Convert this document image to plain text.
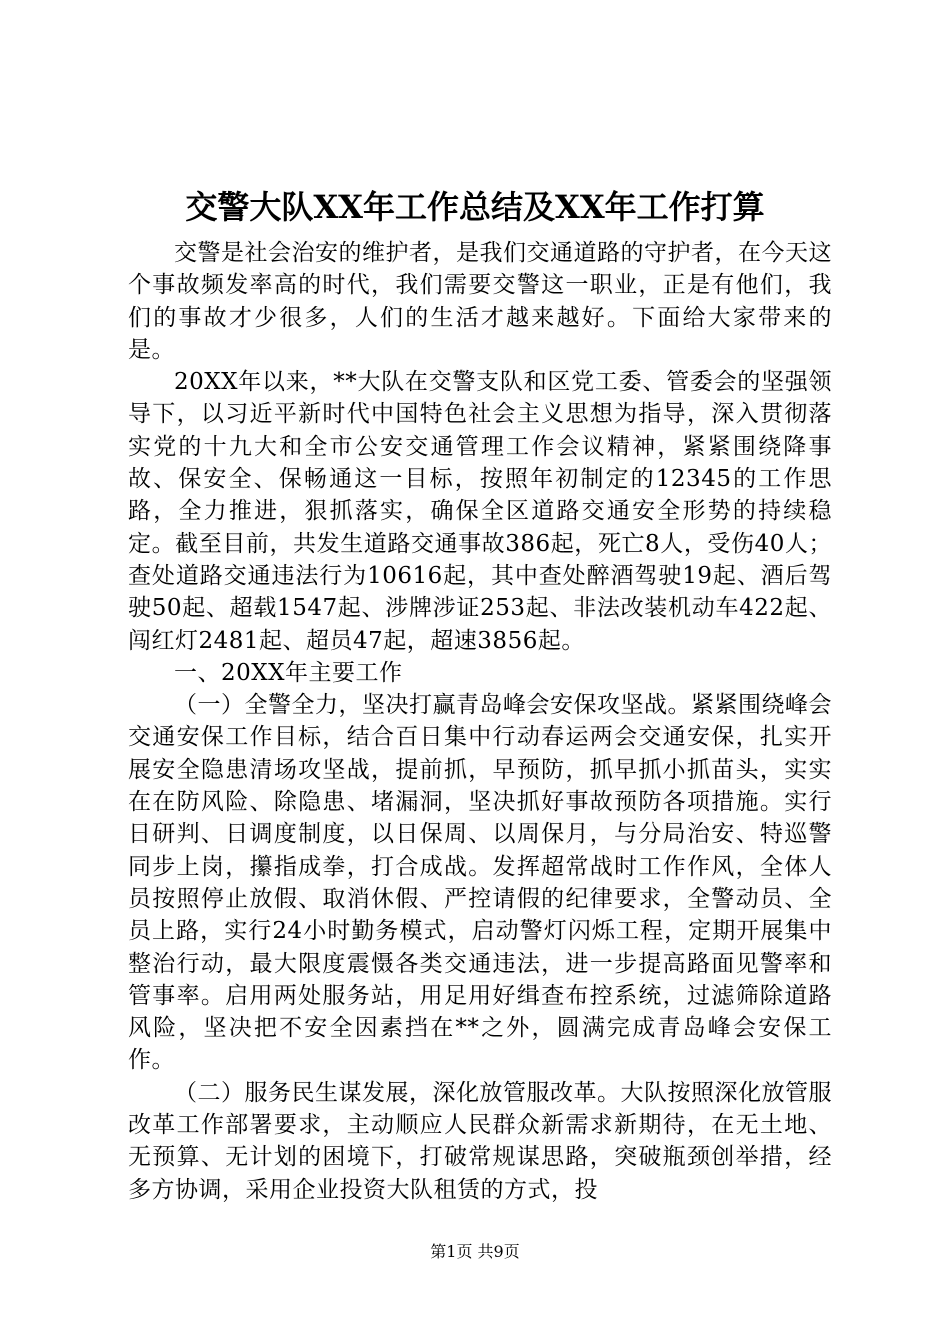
交警大队XX年工作总结及XX年工作打算

交警是社会治安的维护者，是我们交通道路的守护者，在今天这个事故频发率高的时代，我们需要交警这一职业，正是有他们，我们的事故才少很多，人们的生活才越来越好。下面给大家带来的是。

20XX年以来，**大队在交警支队和区党工委、管委会的坚强领导下，以习近平新时代中国特色社会主义思想为指导，深入贯彻落实党的十九大和全市公安交通管理工作会议精神，紧紧围绕降事故、保安全、保畅通这一目标，按照年初制定的12345的工作思路，全力推进，狠抓落实，确保全区道路交通安全形势的持续稳定。截至目前，共发生道路交通事故386起，死亡8人，受伤40人；查处道路交通违法行为10616起，其中查处醉酒驾驶19起、酒后驾驶50起、超载1547起、涉牌涉证253起、非法改装机动车422起、闯红灯2481起、超员47起，超速3856起。

一、20XX年主要工作

（一）全警全力，坚决打赢青岛峰会安保攻坚战。紧紧围绕峰会交通安保工作目标，结合百日集中行动春运两会交通安保，扎实开展安全隐患清场攻坚战，提前抓，早预防，抓早抓小抓苗头，实实在在防风险、除隐患、堵漏洞，坚决抓好事故预防各项措施。实行日研判、日调度制度，以日保周、以周保月，与分局治安、特巡警同步上岗，攥指成拳，打合成战。发挥超常战时工作作风，全体人员按照停止放假、取消休假、严控请假的纪律要求，全警动员、全员上路，实行24小时勤务模式，启动警灯闪烁工程，定期开展集中整治行动，最大限度震慑各类交通违法，进一步提高路面见警率和管事率。启用两处服务站，用足用好缉查布控系统，过滤筛除道路风险，坚决把不安全因素挡在**之外，圆满完成青岛峰会安保工作。

（二）服务民生谋发展，深化放管服改革。大队按照深化放管服改革工作部署要求，主动顺应人民群众新需求新期待，在无土地、无预算、无计划的困境下，打破常规谋思路，突破瓶颈创举措，经多方协调，采用企业投资大队租赁的方式，投

第1页 共9页
